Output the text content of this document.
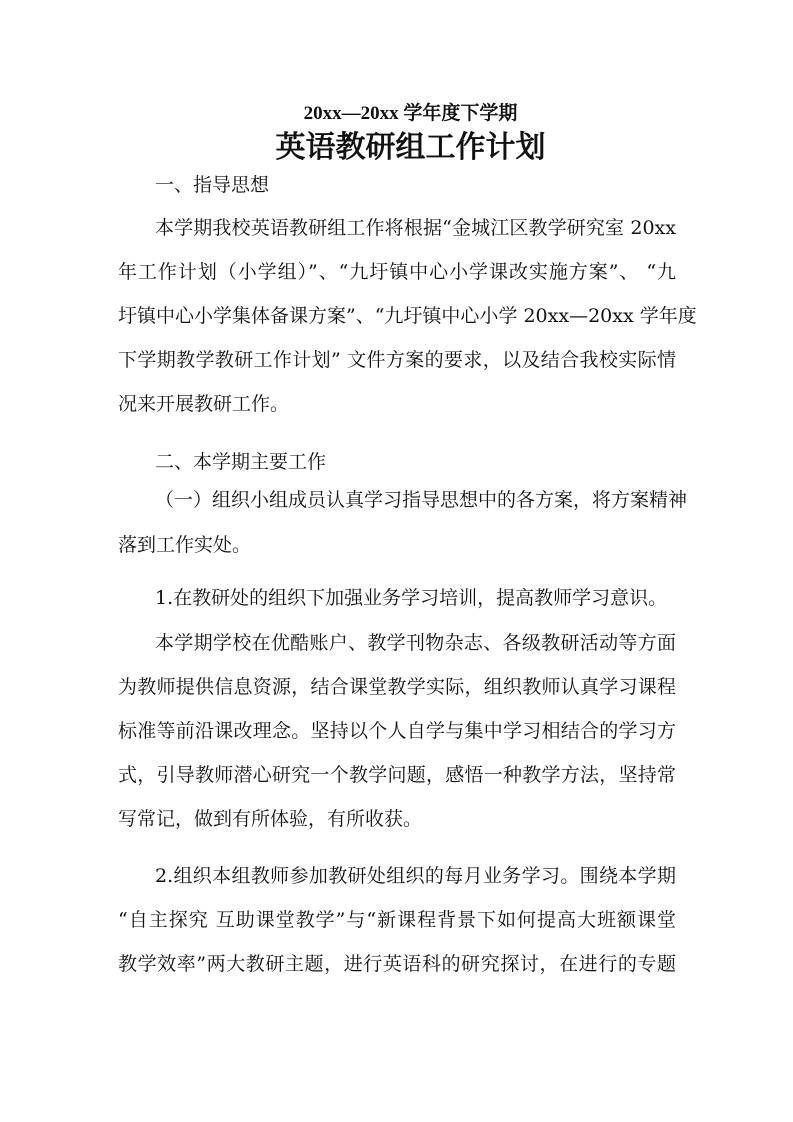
20xx—20xx 学年度下学期
英语教研组工作计划
一、指导思想
本学期我校英语教研组工作将根据“金城江区教学研究室 20xx
年工作计划（小学组）”、“九圩镇中心小学课改实施方案”、 “九
圩镇中心小学集体备课方案”、“九圩镇中心小学 20xx—20xx 学年度
下学期教学教研工作计划” 文件方案的要求，以及结合我校实际情
况来开展教研工作。
二、本学期主要工作
（一）组织小组成员认真学习指导思想中的各方案，将方案精神
落到工作实处。
1.在教研处的组织下加强业务学习培训，提高教师学习意识。
本学期学校在优酷账户、教学刊物杂志、各级教研活动等方面
为教师提供信息资源，结合课堂教学实际，组织教师认真学习课程
标准等前沿课改理念。坚持以个人自学与集中学习相结合的学习方
式，引导教师潜心研究一个教学问题，感悟一种教学方法，坚持常
写常记，做到有所体验，有所收获。
2.组织本组教师参加教研处组织的每月业务学习。围绕本学期
“自主探究 互助课堂教学”与“新课程背景下如何提高大班额课堂
教学效率”两大教研主题，进行英语科的研究探讨，在进行的专题
